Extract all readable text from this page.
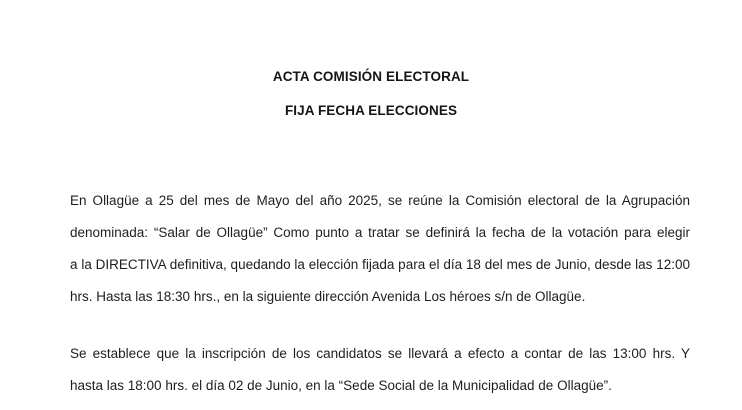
ACTA COMISIÓN ELECTORAL
FIJA FECHA ELECCIONES
En Ollagüe a 25 del mes de Mayo del año 2025, se reúne la Comisión electoral de la Agrupación
denominada: “Salar de Ollagüe” Como punto a tratar se definirá la fecha de la votación para elegir
a la DIRECTIVA definitiva, quedando la elección fijada para el día 18 del mes de Junio, desde las 12:00
hrs. Hasta las 18:30 hrs., en la siguiente dirección Avenida Los héroes s/n de Ollagüe.
Se establece que la inscripción de los candidatos se llevará a efecto a contar de las 13:00 hrs. Y
hasta las 18:00 hrs. el día 02 de Junio, en la “Sede Social de la Municipalidad de Ollagüe”.
